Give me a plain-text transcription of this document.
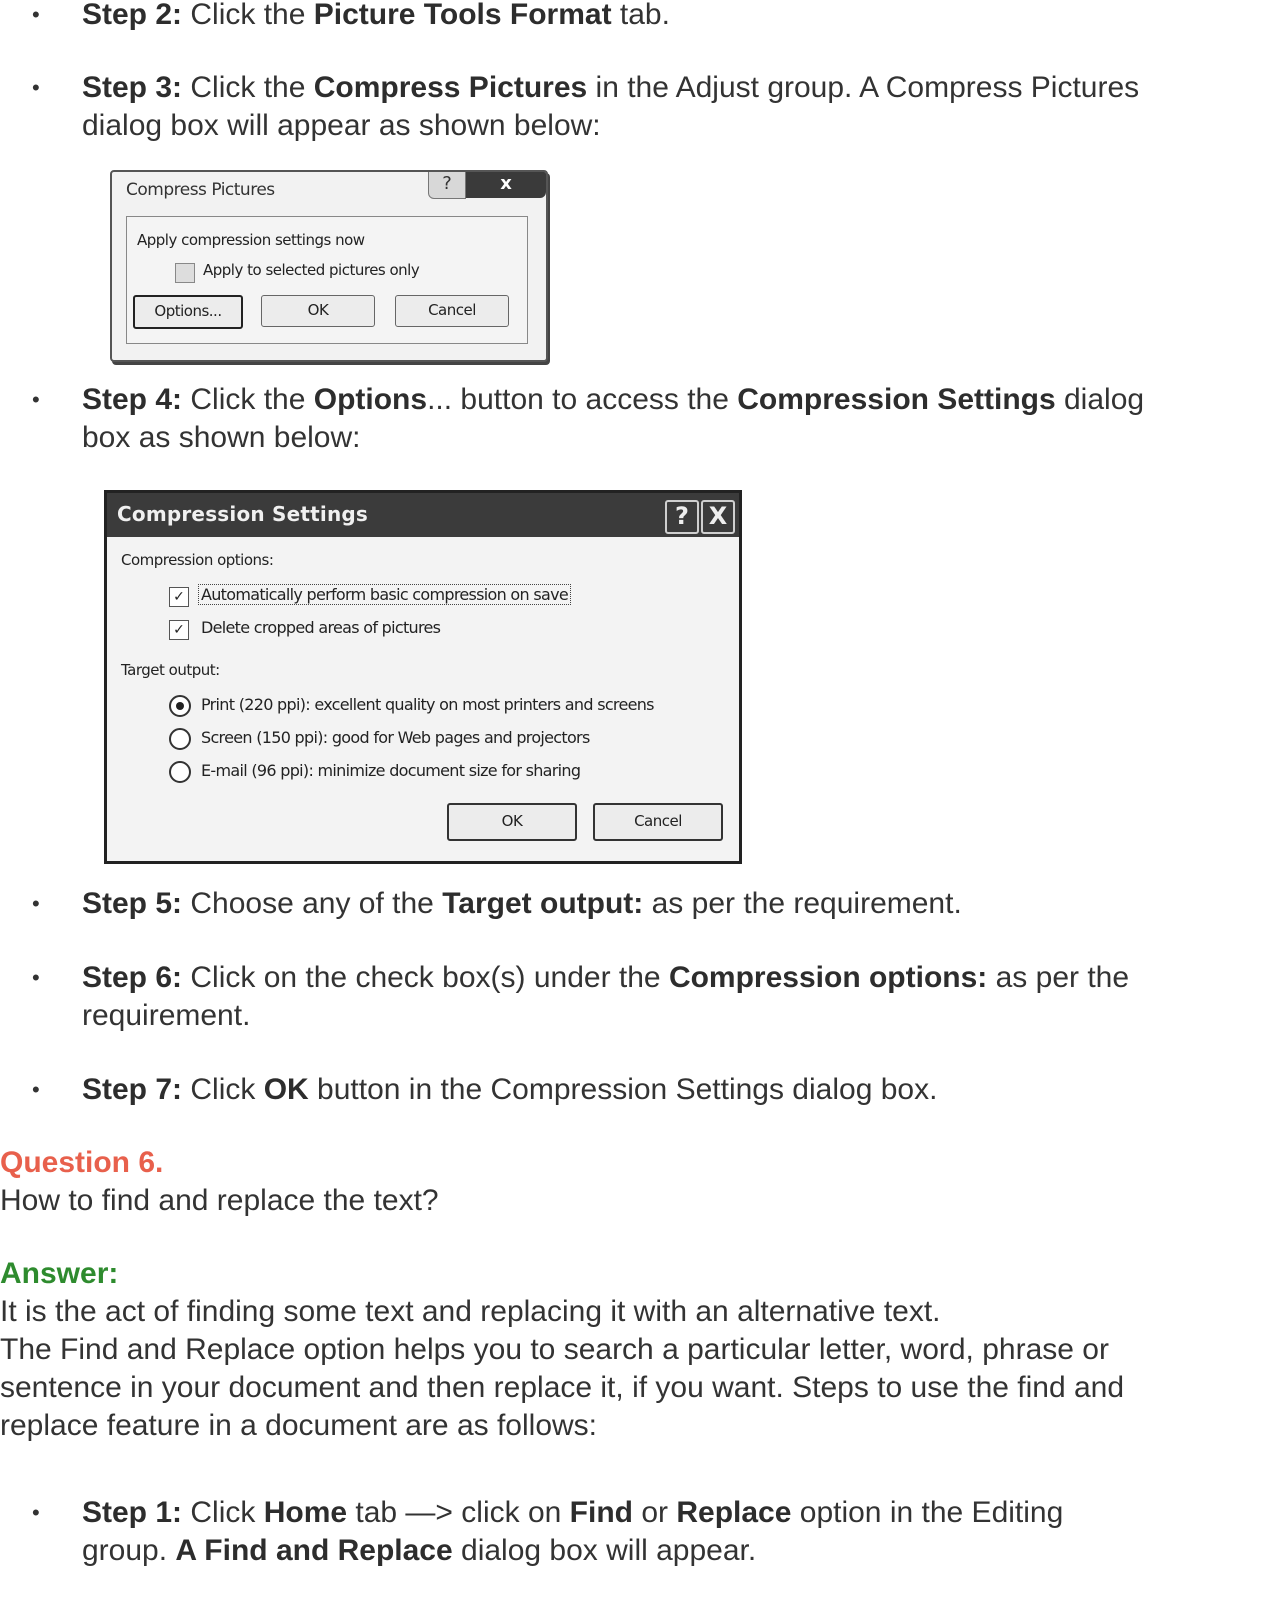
• Step 2: Click the Picture Tools Format tab.
• Step 3: Click the Compress Pictures in the Adjust group. A Compress Pictures
dialog box will appear as shown below:
Compress Pictures	?	x
Apply compression settings now
Apply to selected pictures only
Options...	OK	Cancel
• Step 4: Click the Options... button to access the Compression Settings dialog
box as shown below:
Compression Settings	? X
Compression options:
✓ Automatically perform basic compression on save
✓ Delete cropped areas of pictures
Target output:
Print (220 ppi): excellent quality on most printers and screens
Screen (150 ppi): good for Web pages and projectors
E-mail (96 ppi): minimize document size for sharing
OK	Cancel
• Step 5: Choose any of the Target output: as per the requirement.
• Step 6: Click on the check box(s) under the Compression options: as per the
requirement.
• Step 7: Click OK button in the Compression Settings dialog box.
Question 6.
How to find and replace the text?
Answer:
It is the act of finding some text and replacing it with an alternative text.
The Find and Replace option helps you to search a particular letter, word, phrase or
sentence in your document and then replace it, if you want. Steps to use the find and
replace feature in a document are as follows:
• Step 1: Click Home tab —> click on Find or Replace option in the Editing
group. A Find and Replace dialog box will appear.
